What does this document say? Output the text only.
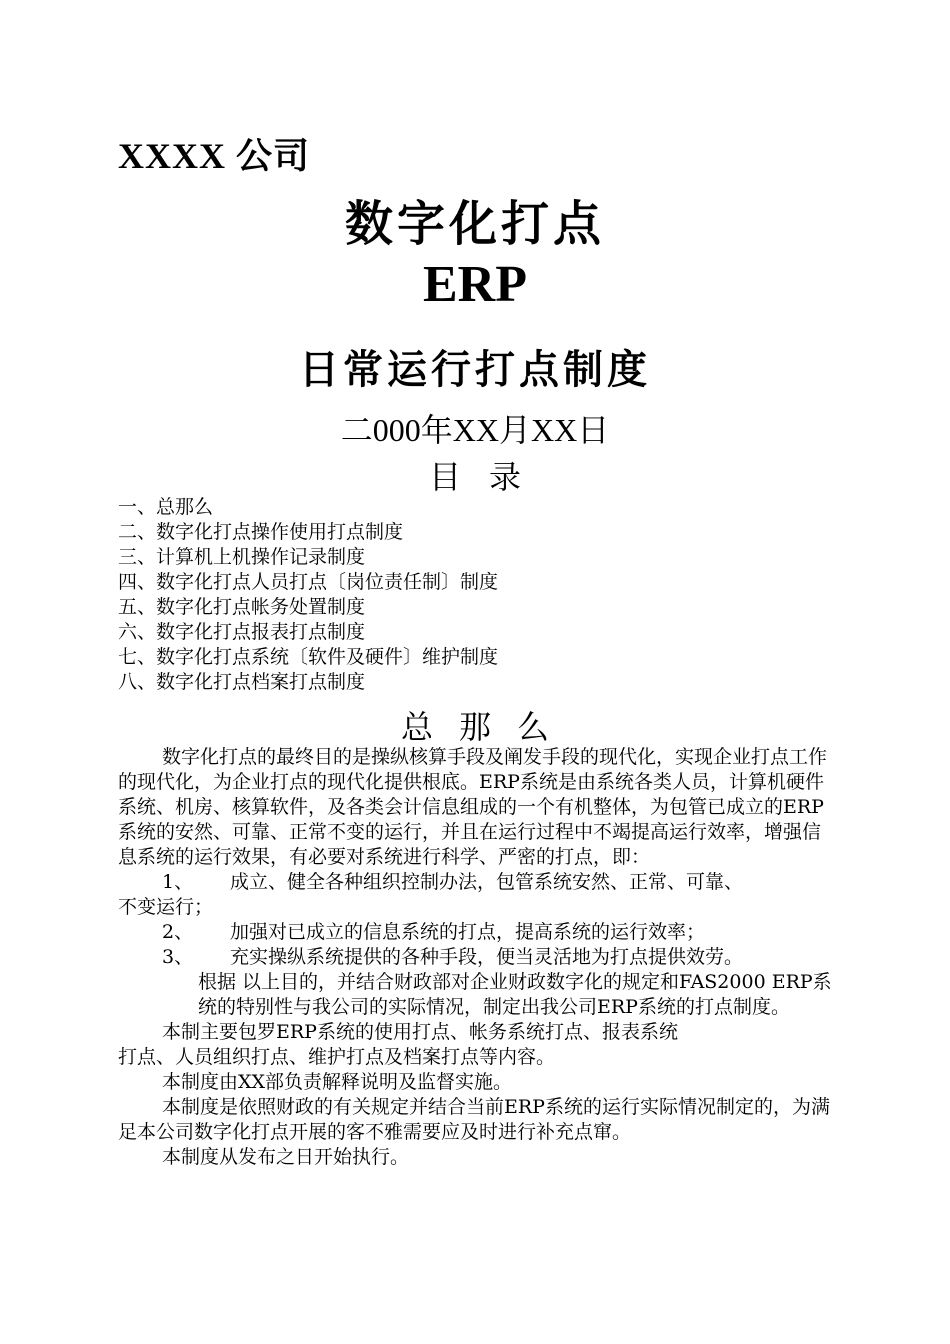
XXXX 公司
数字化打点
ERP
日常运行打点制度
二000年XX月XX日
目录
一、总那么
二、数字化打点操作使用打点制度
三、计算机上机操作记录制度
四、数字化打点人员打点〔岗位责任制〕制度
五、数字化打点帐务处置制度
六、数字化打点报表打点制度
七、数字化打点系统〔软件及硬件〕维护制度
八、数字化打点档案打点制度
总那么

数字化打点的最终目的是操纵核算手段及阐发手段的现代化，实现企业打点工作的现代化，为企业打点的现代化提供根底。ERP系统是由系统各类人员，计算机硬件系统、机房、核算软件，及各类会计信息组成的一个有机整体，为包管已成立的ERP系统的安然、可靠、正常不变的运行，并且在运行过程中不竭提高运行效率，增强信息系统的运行效果，有必要对系统进行科学、严密的打点，即：

1、	成立、健全各种组织控制办法，包管系统安然、正常、可靠、

不变运行；

2、	加强对已成立的信息系统的打点，提高系统的运行效率；
3、	充实操纵系统提供的各种手段，便当灵活地为打点提供效劳。

根据 以上目的，并结合财政部对企业财政数字化的规定和FAS2000 ERP系统的特别性与我公司的实际情况，制定出我公司ERP系统的打点制度。

本制主要包罗ERP系统的使用打点、帐务系统打点、报表系统

打点、人员组织打点、维护打点及档案打点等内容。

本制度由XX部负责解释说明及监督实施。

本制度是依照财政的有关规定并结合当前ERP系统的运行实际情况制定的，为满足本公司数字化打点开展的客不雅需要应及时进行补充点窜。

本制度从发布之日开始执行。
